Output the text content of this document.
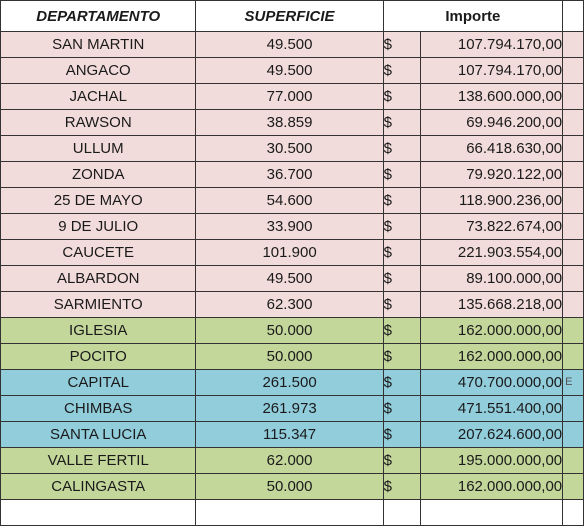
DEPARTAMENTO	SUPERFICIE	Importe		
SAN MARTIN	49.500	$	107.794.170,00	
ANGACO	49.500	$	107.794.170,00	
JACHAL	77.000	$	138.600.000,00	
RAWSON	38.859	$	69.946.200,00	
ULLUM	30.500	$	66.418.630,00	
ZONDA	36.700	$	79.920.122,00	
25 DE MAYO	54.600	$	118.900.236,00	
9 DE JULIO	33.900	$	73.822.674,00	
CAUCETE	101.900	$	221.903.554,00	
ALBARDON	49.500	$	89.100.000,00	
SARMIENTO	62.300	$	135.668.218,00	
IGLESIA	50.000	$	162.000.000,00	
POCITO	50.000	$	162.000.000,00	
CAPITAL	261.500	$	470.700.000,00	E

CHIMBAS	261.973	$	471.551.400,00	
SANTA LUCIA	115.347	$	207.624.600,00	
VALLE FERTIL	62.000	$	195.000.000,00	
CALINGASTA	50.000	$	162.000.000,00	
